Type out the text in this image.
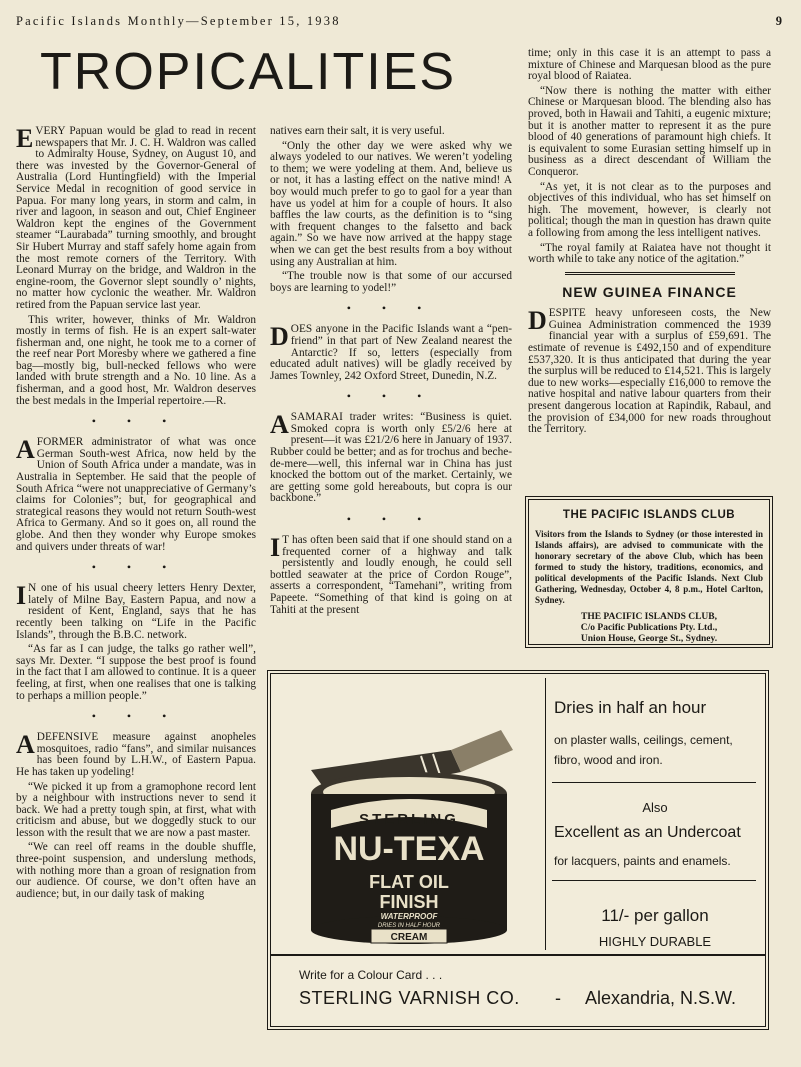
Pacific Islands Monthly—September 15, 1938	9
TROPICALITIES

EVERY Papuan would be glad to read in recent newspapers that Mr. J. C. H. Waldron was called to Admiralty House, Sydney, on August 10, and there was invested by the Governor-General of Australia (Lord Huntingfield) with the Imperial Service Medal in recognition of good service in Papua. For many long years, in storm and calm, in river and lagoon, in season and out, Chief Engineer Waldron kept the engines of the Government steamer “Laurabada” turning smoothly, and brought Sir Hubert Murray and staff safely home again from the most remote corners of the Territory. With Leonard Murray on the bridge, and Waldron in the engine-room, the Governor slept soundly o’ nights, no matter how cyclonic the weather. Mr. Waldron retired from the Papuan service last year.

This writer, however, thinks of Mr. Waldron mostly in terms of fish. He is an expert salt-water fisherman and, one night, he took me to a corner of the reef near Port Moresby where we gathered a fine bag—mostly big, bull-necked fellows who were landed with brute strength and a No. 10 line. As a fisherman, and a good host, Mr. Waldron deserves the best medals in the Imperial repertoire.—R.

• • •

AFORMER administrator of what was once German South-west Africa, now held by the Union of South Africa under a mandate, was in Australia in September. He said that the people of South Africa “were not unappreciative of Germany’s claims for Colonies”; but, for geographical and strategical reasons they would not return South-west Africa to Germany. And so it goes on, all round the globe. And then they wonder why Europe smokes and quivers under threats of war!

• • •

I N one of his usual cheery letters Henry Dexter, lately of Milne Bay, Eastern Papua, and now a resident of Kent, England, says that he has recently been talking on “Life in the Pacific Islands”, through the B.B.C. network.

“As far as I can judge, the talks go rather well”, says Mr. Dexter. “I suppose the best proof is found in the fact that I am allowed to continue. It is a queer feeling, at first, when one realises that one is talking to perhaps a million people.”

• • •

ADEFENSIVE measure against anopheles mosquitoes, radio “fans”, and similar nuisances has been found by L.H.W., of Eastern Papua. He has taken up yodeling!

“We picked it up from a gramophone record lent by a neighbour with instructions never to send it back. We had a pretty tough spin, at first, what with criticism and abuse, but we doggedly stuck to our lesson with the result that we are now a past master.

“We can reel off reams in the double shuffle, three-point suspension, and underslung methods, with nothing more than a groan of resignation from our audience. Of course, we don’t often have an audience; but, in our daily task of making

natives earn their salt, it is very useful.

“Only the other day we were asked why we always yodeled to our natives. We weren’t yodeling to them; we were yodeling at them. And, believe us or not, it has a lasting effect on the native mind! A boy would much prefer to go to gaol for a year than have us yodel at him for a couple of hours. It also baffles the law courts, as the definition is to “sing with frequent changes to the falsetto and back again.” So we have now arrived at the happy stage when we can get the best results from a boy without using any Australian at him.

“The trouble now is that some of our accursed boys are learning to yodel!”

• • •

DOES anyone in the Pacific Islands want a “pen-friend” in that part of New Zealand nearest the Antarctic? If so, letters (especially from educated adult natives) will be gladly received by James Townley, 242 Oxford Street, Dunedin, N.Z.

• • •

ASAMARAI trader writes: “Business is quiet. Smoked copra is worth only £5/2/6 here at present—it was £21/2/6 here in January of 1937. Rubber could be better; and as for trochus and beche-de-mere—well, this infernal war in China has just knocked the bottom out of the market. Certainly, we are getting some gold hereabouts, but copra is our backbone.”

• • •

I T has often been said that if one should stand on a frequented corner of a highway and talk persistently and loudly enough, he could sell bottled seawater at the price of Cordon Rouge”, asserts a correspondent, “Tamehani”, writing from Papeete. “Something of that kind is going on at Tahiti at the present

time; only in this case it is an attempt to pass a mixture of Chinese and Marquesan blood as the pure royal blood of Raiatea.

“Now there is nothing the matter with either Chinese or Marquesan blood. The blending also has proved, both in Hawaii and Tahiti, a eugenic mixture; but it is another matter to represent it as the pure blood of 40 generations of paramount high chiefs. It is equivalent to some Eurasian setting himself up in business as a direct descendant of William the Conqueror.

“As yet, it is not clear as to the purposes and objectives of this individual, who has set himself on high. The movement, however, is clearly not political; though the man in question has drawn quite a following from among the less intelligent natives.

“The royal family at Raiatea have not thought it worth while to take any notice of the agitation.”

NEW GUINEA FINANCE

DESPITE heavy unforeseen costs, the New Guinea Administration commenced the 1939 financial year with a surplus of £59,691. The estimate of revenue is £492,150 and of expenditure £537,320. It is thus anticipated that during the year the surplus will be reduced to £14,521. This is largely due to new works—especially £16,000 to remove the native hospital and native labour quarters from their present dangerous location at Rapindik, Rabaul, and the provision of £34,000 for new roads throughout the Territory.

THE PACIFIC ISLANDS CLUB
Visitors from the Islands to Sydney (or those interested in Islands affairs), are advised to communicate with the honorary secretary of the above Club, which has been formed to study the history, traditions, economics, and political developments of the Pacific Islands. Next Club Gathering, Wednesday, October 4, 8 p.m., Hotel Carlton, Sydney.
THE PACIFIC ISLANDS CLUB,
C/o Pacific Publications Pty. Ltd.,
Union House, George St., Sydney.
STERLING
NU-TEXA
FLAT OIL
FINISH
WATERPROOF
DRIES IN HALF HOUR
CREAM
Dries in half an hour
on plaster walls, ceilings, cement, fibro, wood and iron.
Also
Excellent as an Undercoat
for lacquers, paints and enamels.
11/- per gallon
HIGHLY DURABLE
Write for a Colour Card . . .
STERLING VARNISH CO. - Alexandria, N.S.W.
